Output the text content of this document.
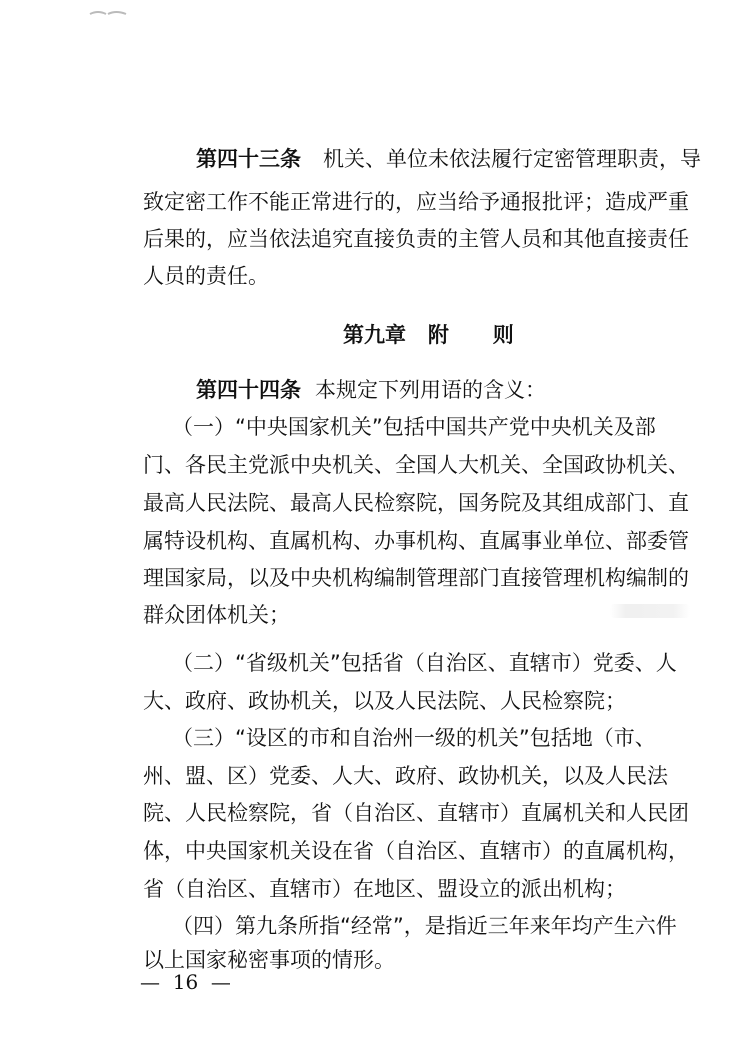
第四十三条 机关、单位未依法履行定密管理职责，导
致定密工作不能正常进行的，应当给予通报批评；造成严重
后果的，应当依法追究直接负责的主管人员和其他直接责任
人员的责任。
第九章   附      则
第四十四条 本规定下列用语的含义：
（一）“中央国家机关”包括中国共产党中央机关及部
门、各民主党派中央机关、全国人大机关、全国政协机关、
最高人民法院、最高人民检察院，国务院及其组成部门、直
属特设机构、直属机构、办事机构、直属事业单位、部委管
理国家局，以及中央机构编制管理部门直接管理机构编制的
群众团体机关；
（二）“省级机关”包括省（自治区、直辖市）党委、人
大、政府、政协机关，以及人民法院、人民检察院；
（三）“设区的市和自治州一级的机关”包括地（市、
州、盟、区）党委、人大、政府、政协机关，以及人民法
院、人民检察院，省（自治区、直辖市）直属机关和人民团
体，中央国家机关设在省（自治区、直辖市）的直属机构，
省（自治区、直辖市）在地区、盟设立的派出机构；
（四）第九条所指“经常”，是指近三年来年均产生六件
以上国家秘密事项的情形。
—  16  —
